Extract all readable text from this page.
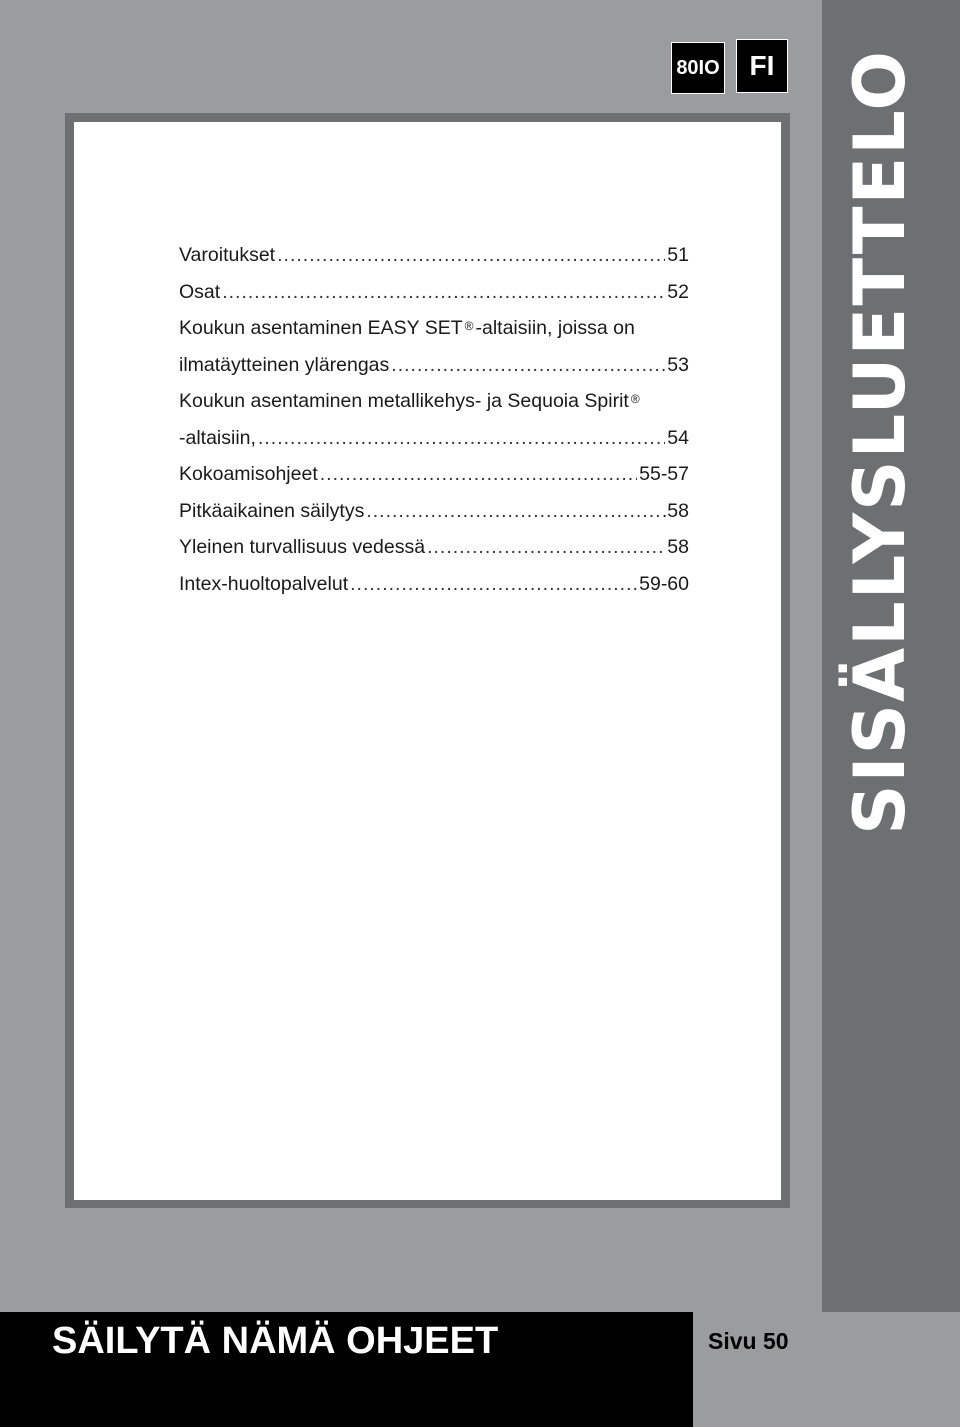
SISÄLLYSLUETTELO
80IO	FI
Varoitukset .....	51
Osat .....	52
Koukun asentaminen EASY SET® -altaisiin, joissa on
ilmatäytteinen ylärengas .....	53
Koukun asentaminen metallikehys- ja Sequoia Spirit®
-altaisiin, .....	54
Kokoamisohjeet .....	55-57
Pitkäaikainen säilytys .....	.58
Yleinen turvallisuus vedessä .....	58
Intex-huoltopalvelut .....	59-60
SÄILYTÄ NÄMÄ OHJEET	Sivu 50
